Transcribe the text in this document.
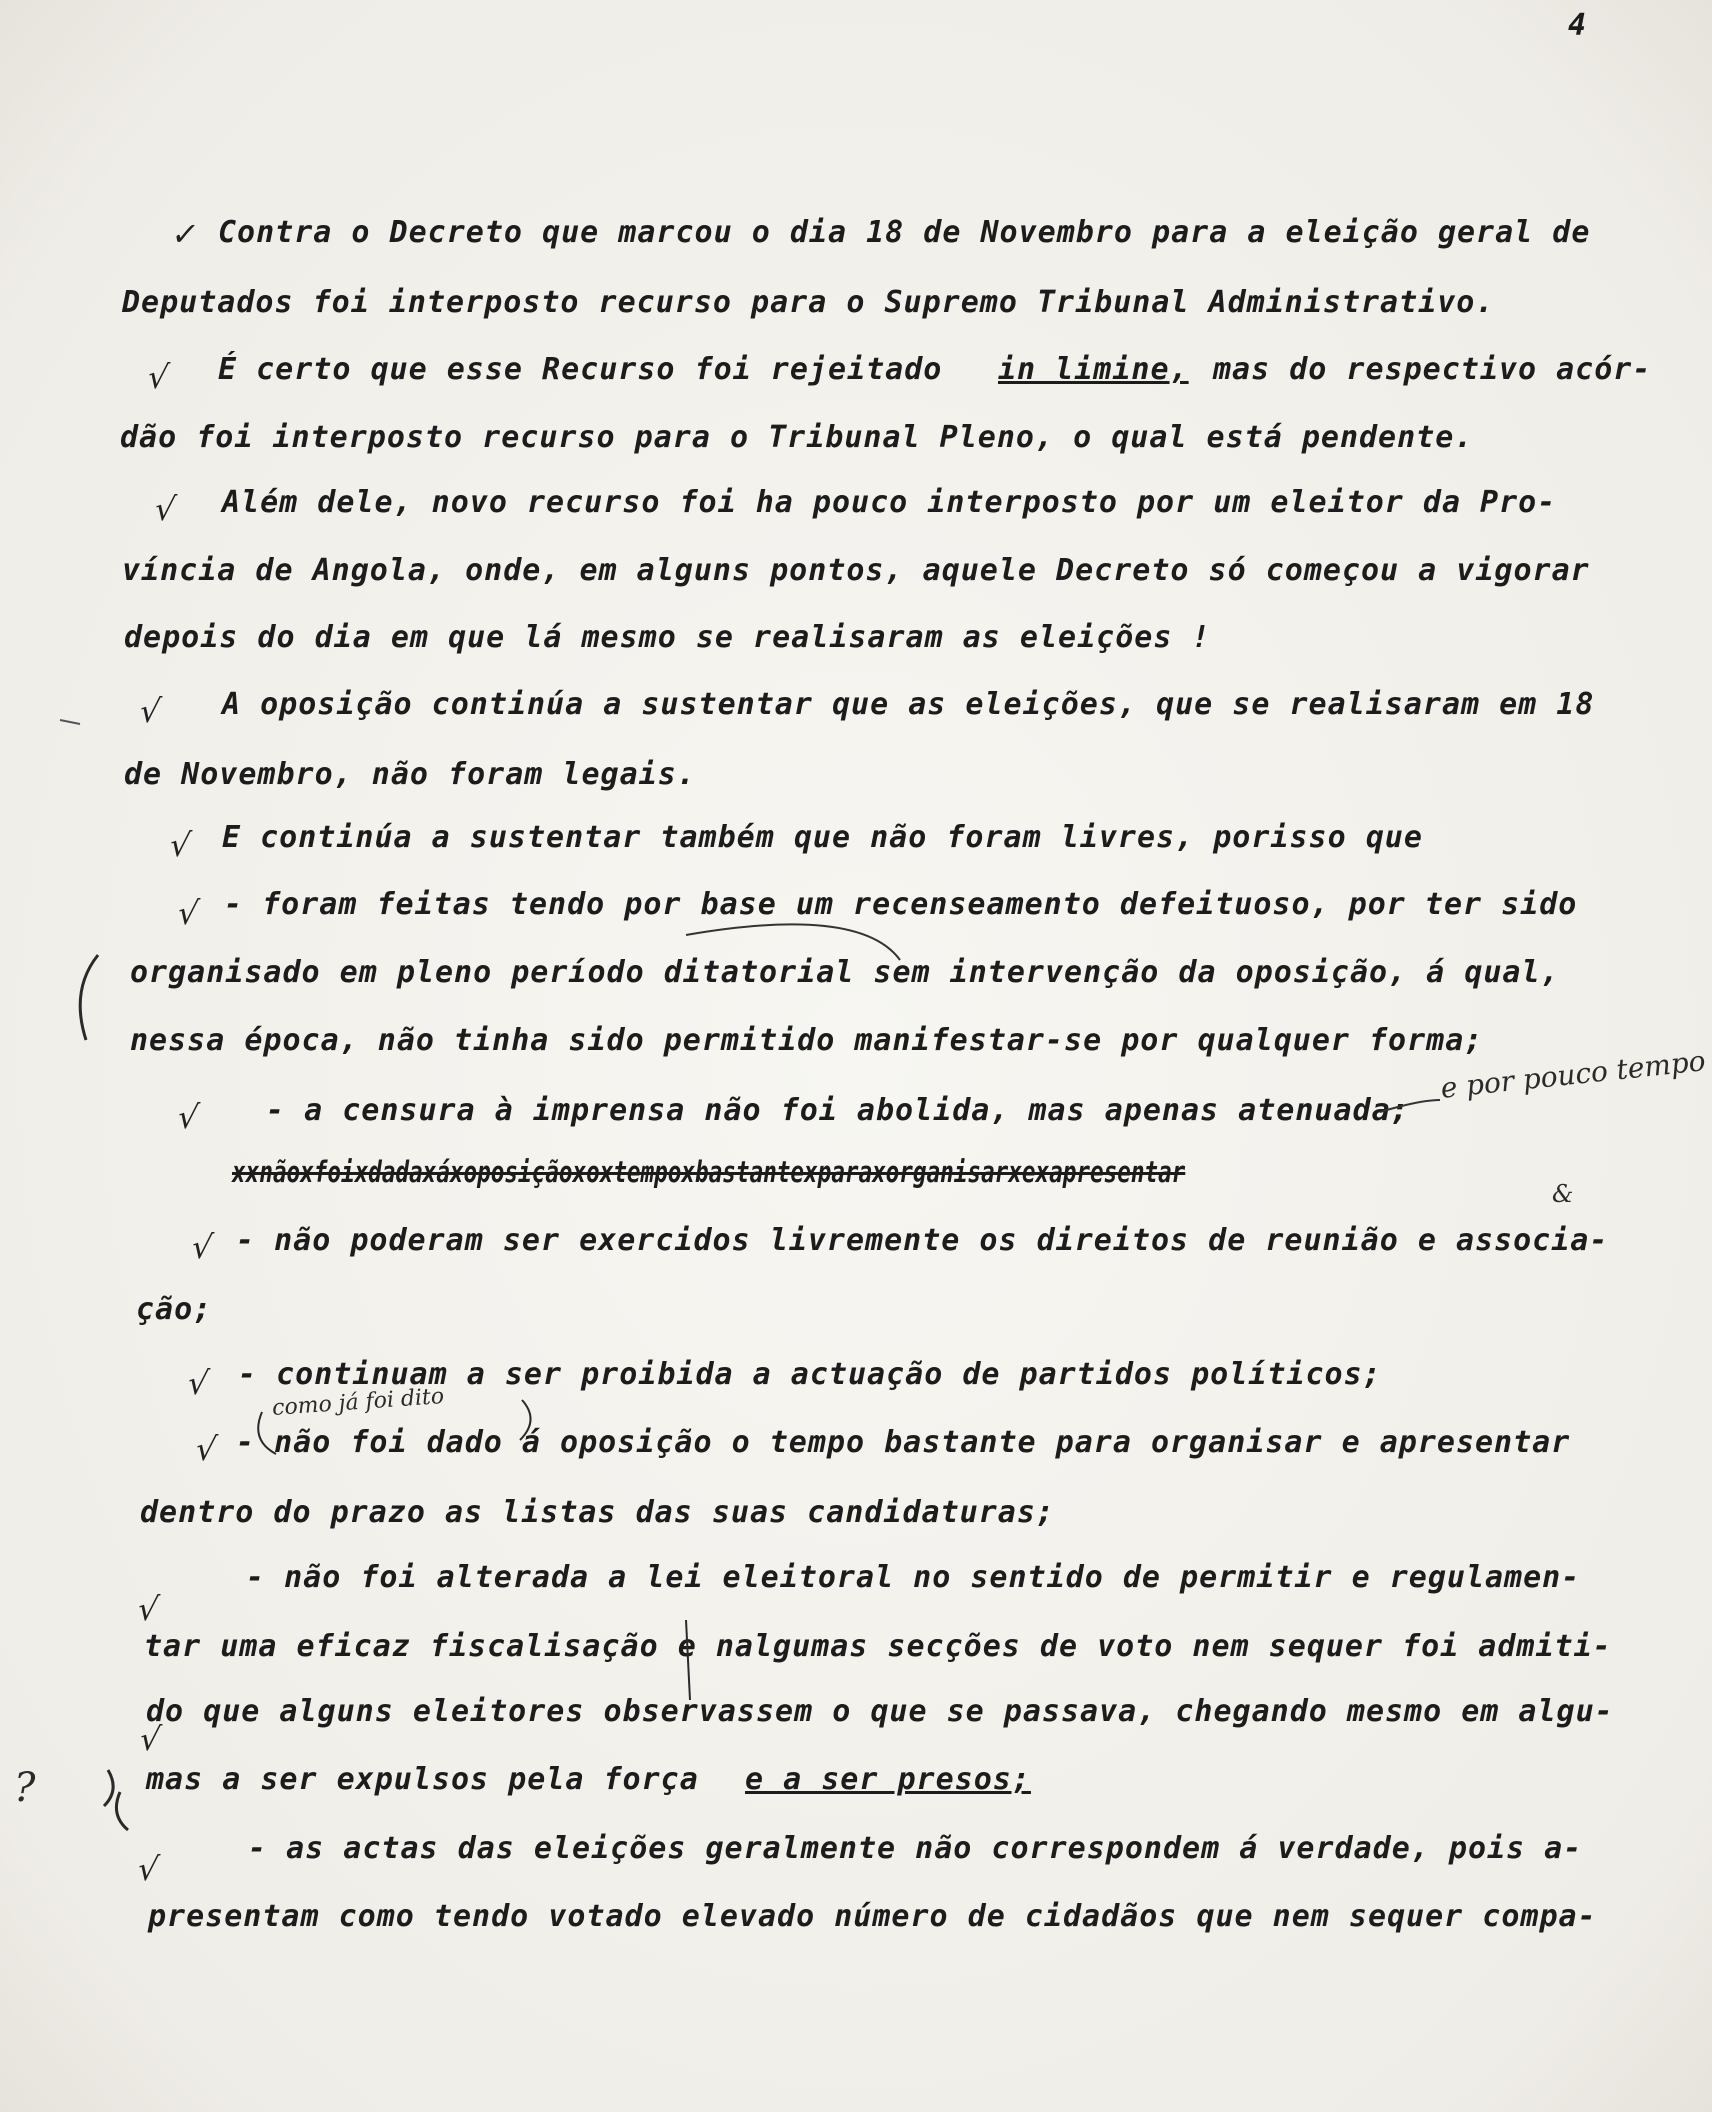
4
Contra o Decreto que marcou o dia 18 de Novembro para a eleição geral de
Deputados foi interposto recurso para o Supremo Tribunal Administrativo.
É certo que esse Recurso foi rejeitado in limine, mas do respectivo acór-
dão foi interposto recurso para o Tribunal Pleno, o qual está pendente.
Além dele, novo recurso foi ha pouco interposto por um eleitor da Pro-
víncia de Angola, onde, em alguns pontos, aquele Decreto só começou a vigorar
depois do dia em que lá mesmo se realisaram as eleições !
A oposição continúa a sustentar que as eleições, que se realisaram em 18
de Novembro, não foram legais.
E continúa a sustentar também que não foram livres, porisso que
- foram feitas tendo por base um recenseamento defeituoso, por ter sido
organisado em pleno período ditatorial sem intervenção da oposição, á qual,
nessa época, não tinha sido permitido manifestar-se por qualquer forma;
- a censura à imprensa não foi abolida, mas apenas atenuada;
xxnãoxfoixdadaxáxoposiçãoxoxtempoxbastantexparaxorganisarxexapresentar
- não poderam ser exercidos livremente os direitos de reunião e associa-
ção;
- continuam a ser proibida a actuação de partidos políticos;
- não foi dado á oposição o tempo bastante para organisar e apresentar
dentro do prazo as listas das suas candidaturas;
- não foi alterada a lei eleitoral no sentido de permitir e regulamen-
tar uma eficaz fiscalisação e nalgumas secções de voto nem sequer foi admiti-
do que alguns eleitores observassem o que se passava, chegando mesmo em algu-
mas a ser expulsos pela força e a ser presos;
- as actas das eleições geralmente não correspondem á verdade, pois a-
presentam como tendo votado elevado número de cidadãos que nem sequer compa-
✓
√
√
√
√
√
√
√
√
√
√
√
√
e por pouco tempo
como já foi dito
&
?
